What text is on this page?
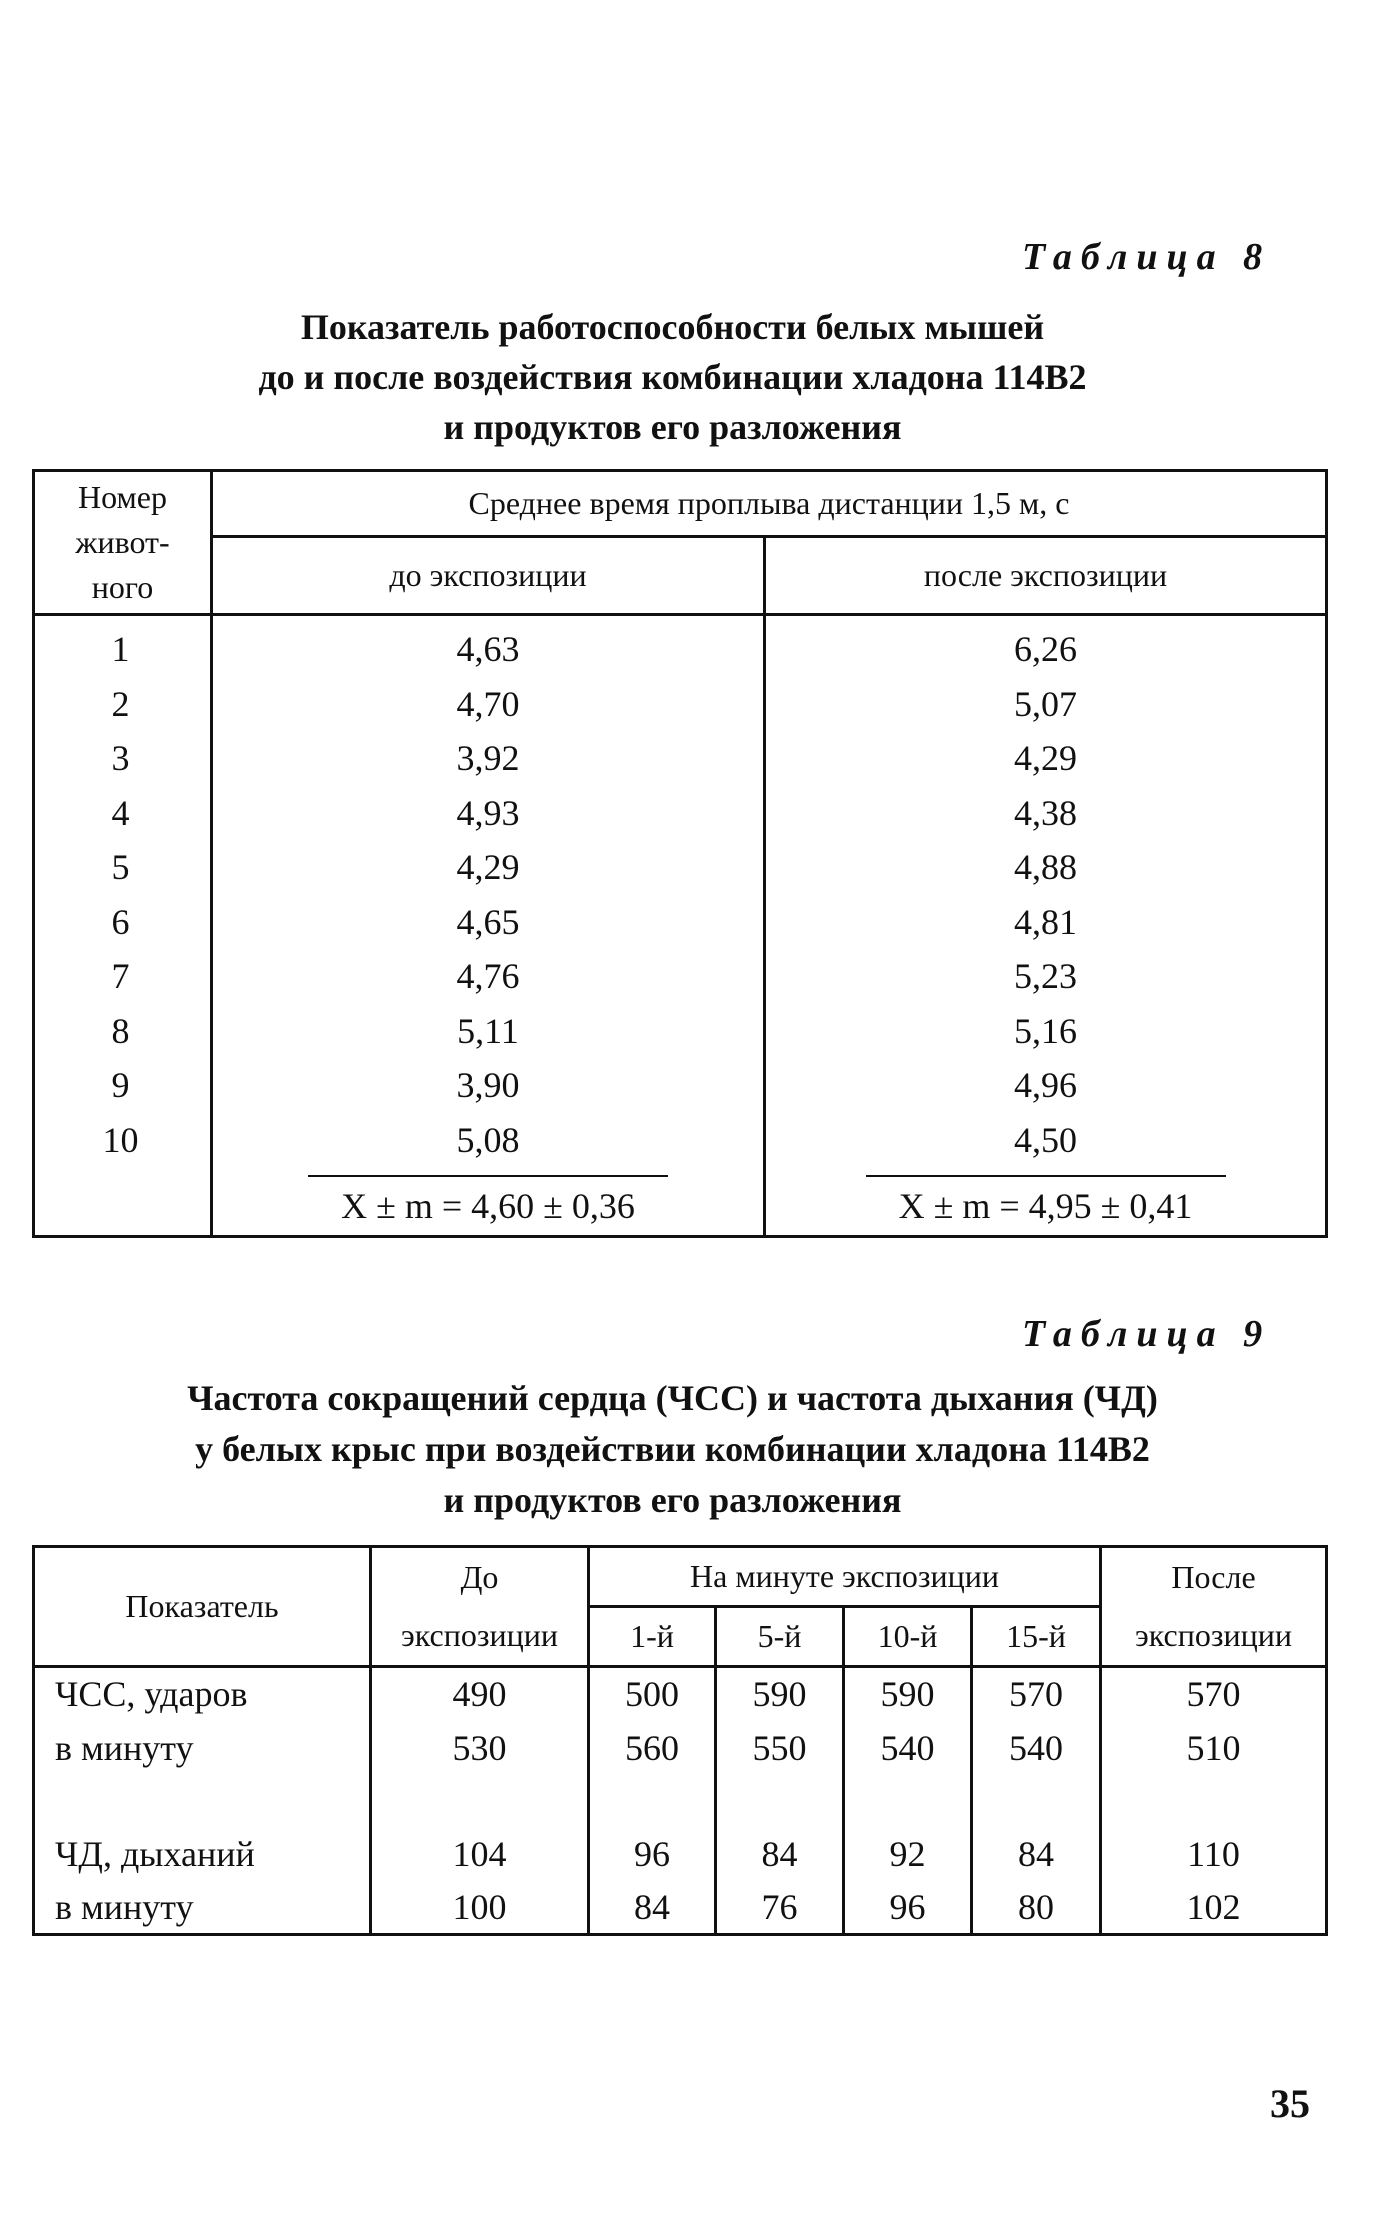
Таблица 8
Показатель работоспособности белых мышей
до и после воздействия комбинации хладона 114В2
и продуктов его разложения
Номер
живот-
ного	Среднее время проплыва дистанции 1,5 м, с	
	до экспозиции	после экспозиции
1	4,63	6,26
2	4,70	5,07
3	3,92	4,29
4	4,93	4,38
5	4,29	4,88
6	4,65	4,81
7	4,76	5,23
8	5,11	5,16
9	3,90	4,96
10	5,08	4,50
	X ± m = 4,60 ± 0,36	X ± m = 4,95 ± 0,41
Таблица 9
Частота сокращений сердца (ЧСС) и частота дыхания (ЧД)
у белых крыс при воздействии комбинации хладона 114В2
и продуктов его разложения
Показатель	До	На минуте экспозиции				После
	экспозиции	1-й	5-й	10-й	15-й	экспозиции
ЧСС, ударов	490	500	590	590	570	570
в минуту	530	560	550	540	540	510

ЧД, дыханий	104	96	84	92	84	110
в минуту	100	84	76	96	80	102
35
